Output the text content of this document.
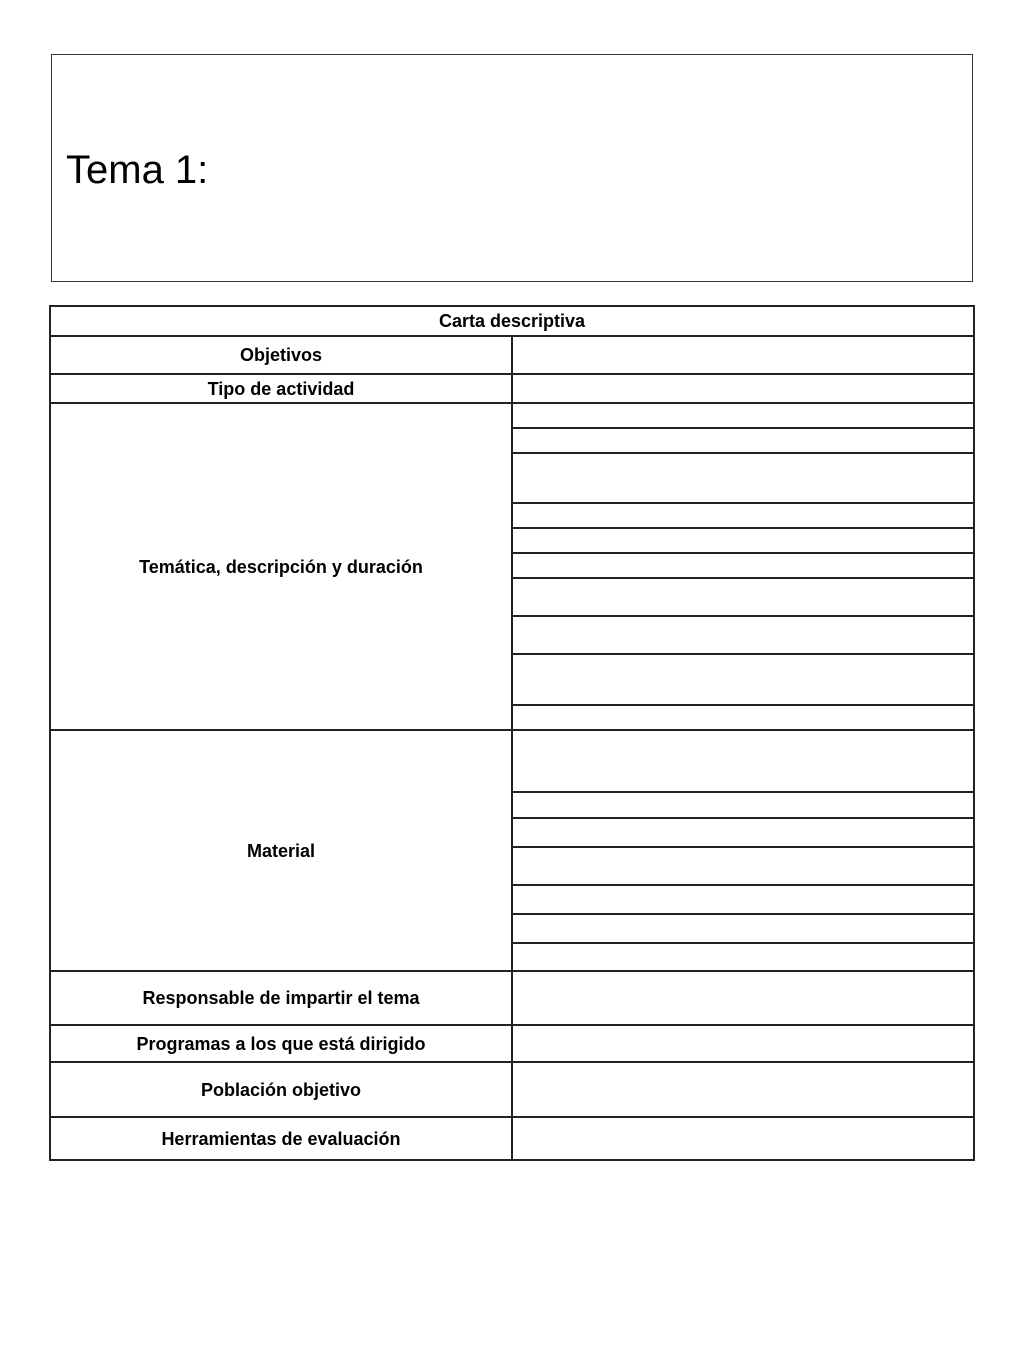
Tema 1:
Carta descriptiva	
Objetivos	
Tipo de actividad	
Temática, descripción y duración	

Material	

Responsable de impartir el tema	
Programas a los que está dirigido	
Población objetivo	
Herramientas de evaluación	
